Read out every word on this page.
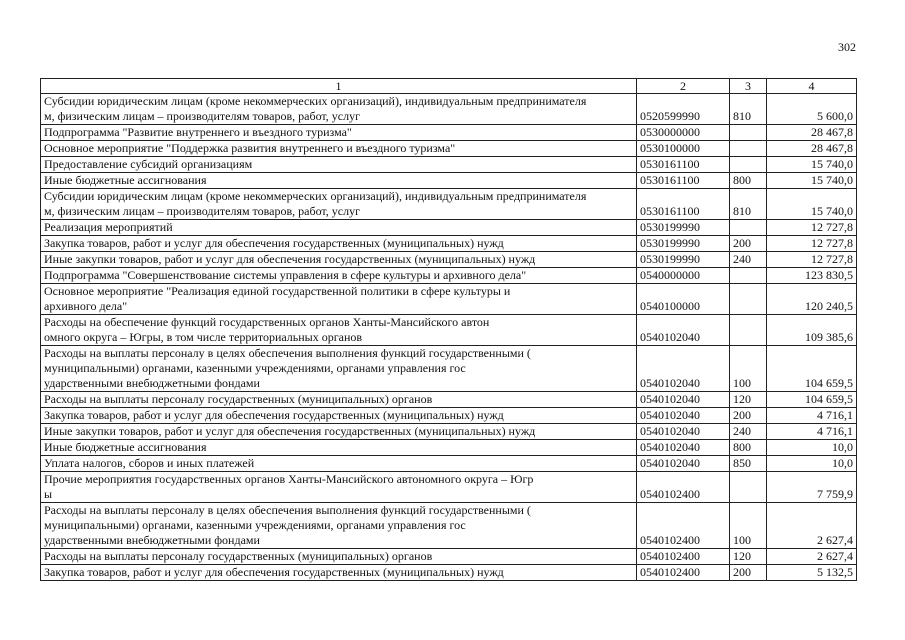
302
1	2	3	4

Субсидии юридическим лицам (кроме некоммерческих организаций), индивидуальным предпринимателя
м, физическим лицам – производителям товаров, работ, услуг	0520599990	810	5 600,0
Подпрограмма "Развитие внутреннего и въездного туризма"	0530000000		28 467,8
Основное мероприятие "Поддержка развития внутреннего и въездного туризма"	0530100000		28 467,8
Предоставление субсидий организациям	0530161100		15 740,0
Иные бюджетные ассигнования	0530161100	800	15 740,0

Субсидии юридическим лицам (кроме некоммерческих организаций), индивидуальным предпринимателя
м, физическим лицам – производителям товаров, работ, услуг	0530161100	810	15 740,0
Реализация мероприятий	0530199990		12 727,8
Закупка товаров, работ и услуг для обеспечения государственных (муниципальных) нужд	0530199990	200	12 727,8
Иные закупки товаров, работ и услуг для обеспечения государственных (муниципальных) нужд	0530199990	240	12 727,8
Подпрограмма "Совершенствование системы управления в сфере культуры и архивного дела"	0540000000		123 830,5

Основное мероприятие "Реализация единой государственной политики в сфере культуры и
архивного дела"	0540100000		120 240,5

Расходы на обеспечение функций государственных органов Ханты-Мансийского автон
омного округа – Югры, в том числе территориальных органов	0540102040		109 385,6

Расходы на выплаты персоналу в целях обеспечения выполнения функций государственными (
муниципальными) органами, казенными учреждениями, органами управления гос
ударственными внебюджетными фондами	0540102040	100	104 659,5
Расходы на выплаты персоналу государственных (муниципальных) органов	0540102040	120	104 659,5
Закупка товаров, работ и услуг для обеспечения государственных (муниципальных) нужд	0540102040	200	4 716,1
Иные закупки товаров, работ и услуг для обеспечения государственных (муниципальных) нужд	0540102040	240	4 716,1
Иные бюджетные ассигнования	0540102040	800	10,0
Уплата налогов, сборов и иных платежей	0540102040	850	10,0

Прочие мероприятия государственных органов Ханты-Мансийского автономного округа – Югр
ы	0540102400		7 759,9

Расходы на выплаты персоналу в целях обеспечения выполнения функций государственными (
муниципальными) органами, казенными учреждениями, органами управления гос
ударственными внебюджетными фондами	0540102400	100	2 627,4
Расходы на выплаты персоналу государственных (муниципальных) органов	0540102400	120	2 627,4
Закупка товаров, работ и услуг для обеспечения государственных (муниципальных) нужд	0540102400	200	5 132,5
